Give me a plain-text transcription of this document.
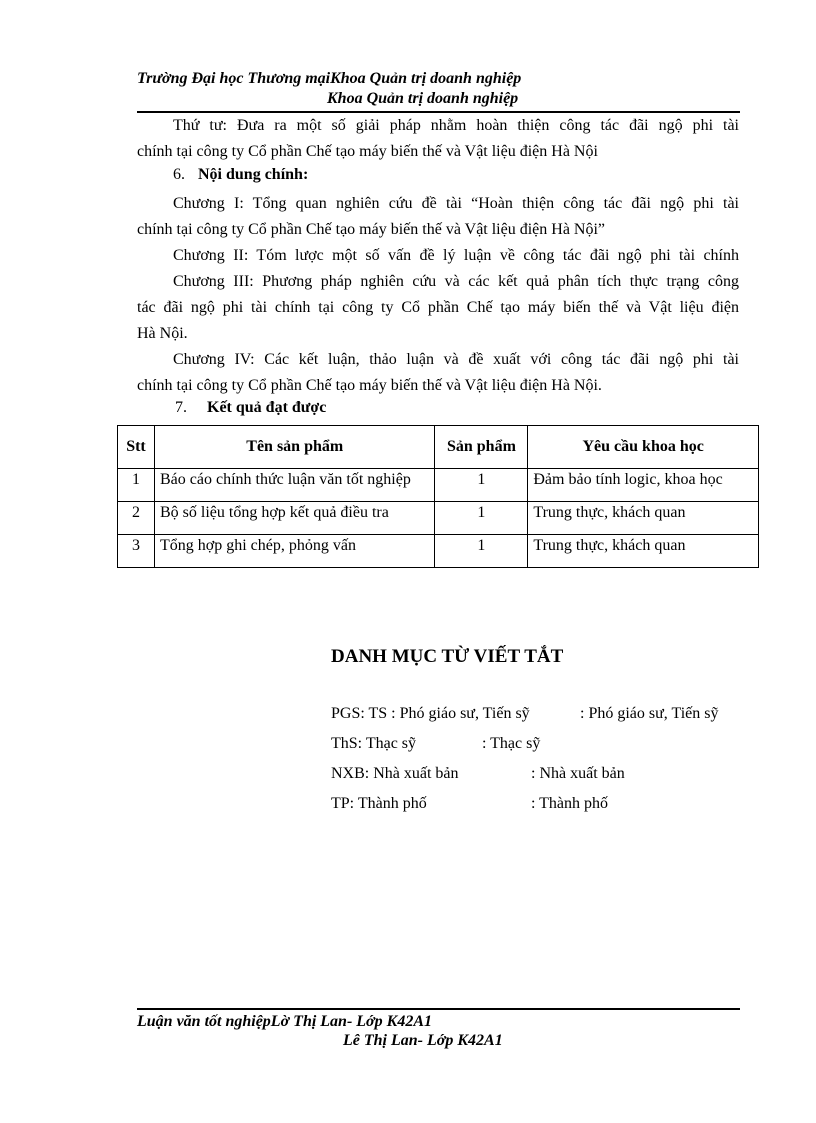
Trường Đại học Thương mạiKhoa Quản trị doanh nghiệp
Khoa Quản trị doanh nghiệp

Thứ tư: Đưa ra một số giải pháp nhằm hoàn thiện công tác đãi ngộ phi tài

chính tại công ty Cổ phần Chế tạo máy biến thế và Vật liệu điện Hà Nội

6. Nội dung chính:

Chương I: Tổng quan nghiên cứu đề tài “Hoàn thiện công tác đãi ngộ phi tài

chính tại công ty Cổ phần Chế tạo máy biến thế và Vật liệu điện Hà Nội”

Chương II: Tóm lược một số vấn đề lý luận về công tác đãi ngộ phi tài chính

Chương III: Phương pháp nghiên cứu và các kết quả phân tích thực trạng công

tác đãi ngộ phi tài chính tại công ty Cổ phần Chế tạo máy biến thế và Vật liệu điện

Hà Nội.

Chương IV: Các kết luận, thảo luận và đề xuất với công tác đãi ngộ phi tài

chính tại công ty Cổ phần Chế tạo máy biến thế và Vật liệu điện Hà Nội.

7. Kết quả đạt được
Stt	Tên sản phẩm	Sản phẩm	Yêu cầu khoa học
1	Báo cáo chính thức luận văn tốt nghiệp	1	Đảm bảo tính logic, khoa học
2	Bộ số liệu tổng hợp kết quả điều tra	1	Trung thực, khách quan
3	Tổng hợp ghi chép, phỏng vấn	1	Trung thực, khách quan
DANH MỤC TỪ VIẾT TẮT
PGS: TS : Phó giáo sư, Tiến sỹ	: Phó giáo sư, Tiến sỹ
ThS: Thạc sỹ	: Thạc sỹ
NXB: Nhà xuất bản	: Nhà xuất bản
TP: Thành phố	: Thành phố
Luận văn tốt nghiệpLờ Thị Lan- Lớp K42A1
Lê Thị Lan- Lớp K42A1
